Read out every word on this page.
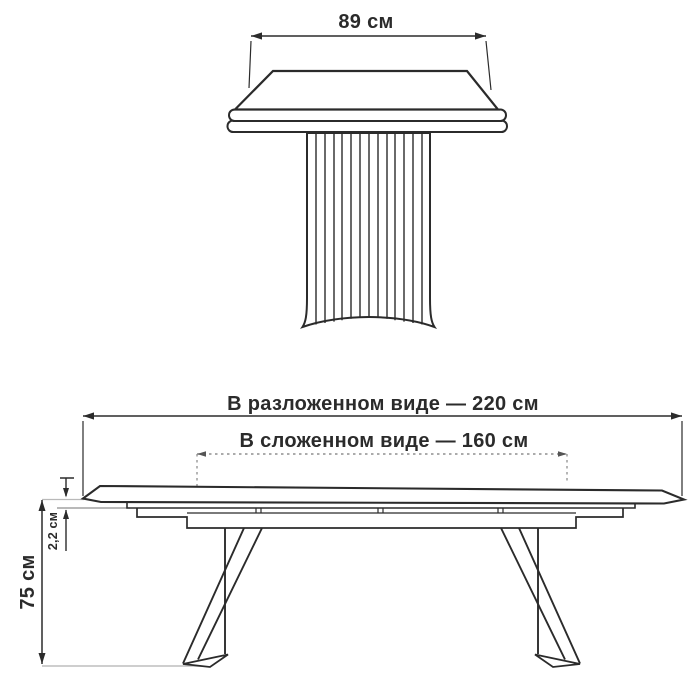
89 см
В разложенном виде — 220 см
В сложенном виде — 160 см
2,2 см
75 см
